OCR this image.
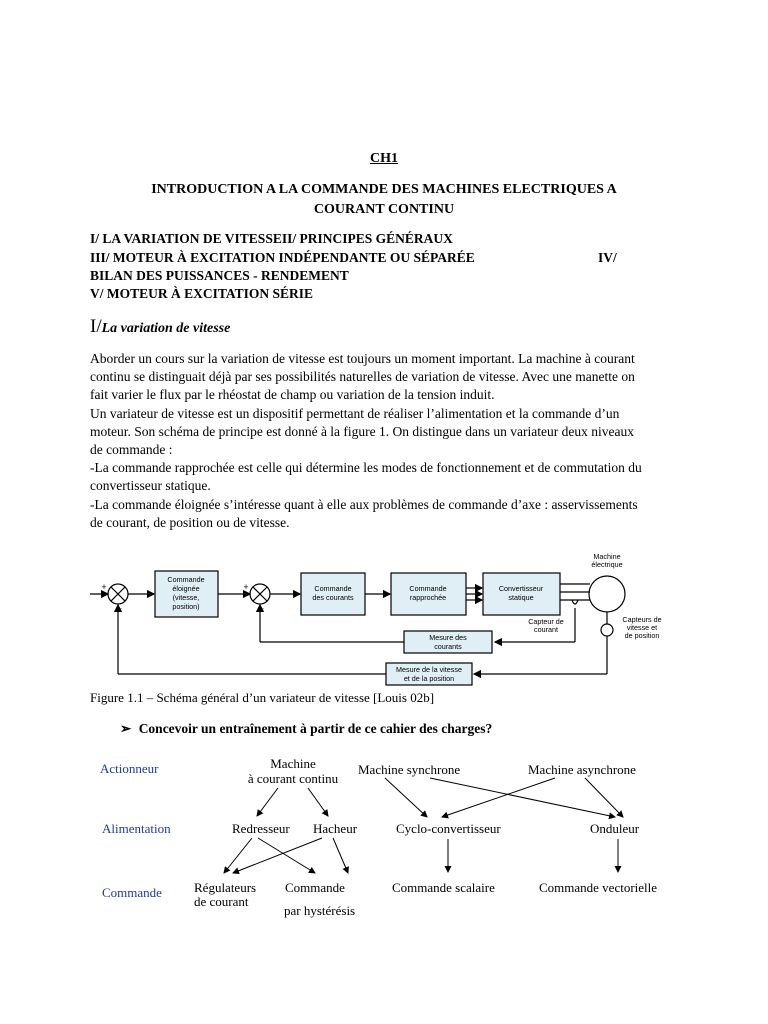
CH1
INTRODUCTION A LA COMMANDE DES MACHINES ELECTRIQUES A
COURANT CONTINU
I/ LA VARIATION DE VITESSEII/ PRINCIPES GÉNÉRAUX
III/ MOTEUR À EXCITATION INDÉPENDANTE OU SÉPARÉE	IV/
BILAN DES PUISSANCES - RENDEMENT
V/ MOTEUR À EXCITATION SÉRIE
I/La variation de vitesse
Aborder un cours sur la variation de vitesse est toujours un moment important. La machine à courant
continu se distinguait déjà par ses possibilités naturelles de variation de vitesse. Avec une manette on
fait varier le flux par le rhéostat de champ ou variation de la tension induit.
Un variateur de vitesse est un dispositif permettant de réaliser l’alimentation et la commande d’un
moteur. Son schéma de principe est donné à la figure 1. On distingue dans un variateur deux niveaux
de commande :
-La commande rapprochée est celle qui détermine les modes de fonctionnement et de commutation du
convertisseur statique.
-La commande éloignée s’intéresse quant à elle aux problèmes de commande d’axe : asservissements
de courant, de position ou de vitesse.
+
–
+
–
Commande
éloignée
(vitesse,
position)
Commande
des courants
Commande
rapprochée
Convertisseur
statique
Machine
électrique
Capteur de
courant
Capteurs de
vitesse et
de position
Mesure des
courants
Mesure de la vitesse
et de la position
Figure 1.1 – Schéma général d’un variateur de vitesse [Louis 02b]
➢ Concevoir un entraînement à partir de ce cahier des charges?
Actionneur
Alimentation
Commande
Machine
à courant continu
Machine synchrone	Machine asynchrone
Redresseur Hacheur	Cyclo-convertisseur	Onduleur
Régulateurs
de courant
Commande
par hystérésis
Commande scalaire	Commande vectorielle
